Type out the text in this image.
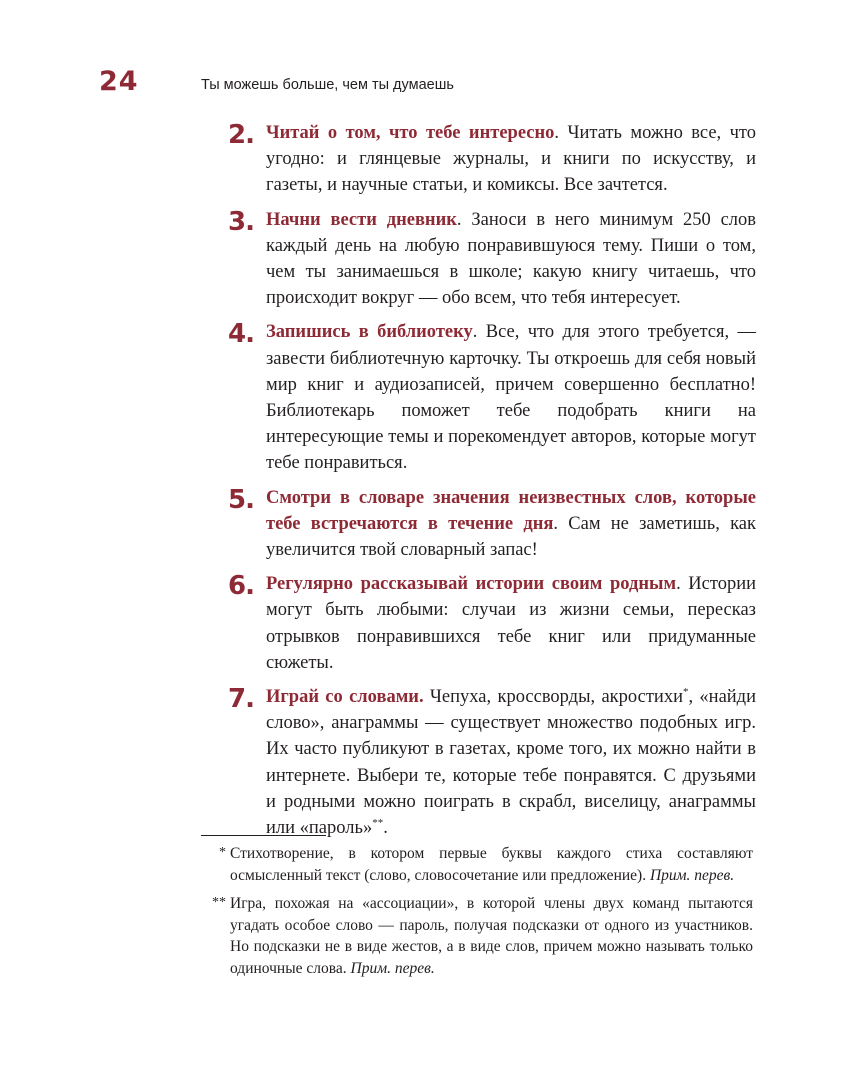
24	Ты можешь больше, чем ты думаешь
2. Читай о том, что тебе интересно. Читать можно все, что угодно: и глянцевые журналы, и книги по искусству, и газеты, и научные статьи, и комиксы. Все зачтется.
3. Начни вести дневник. Заноси в него минимум 250 слов каждый день на любую понравившуюся тему. Пиши о том, чем ты занимаешься в школе; какую книгу читаешь, что происходит вокруг — обо всем, что тебя интересует.
4. Запишись в библиотеку. Все, что для этого требуется, — завести библиотечную карточку. Ты откроешь для себя новый мир книг и аудиозаписей, причем совершенно бесплатно! Библиотекарь поможет тебе подобрать книги на интересующие темы и порекомендует авторов, которые могут тебе понравиться.
5. Смотри в словаре значения неизвестных слов, которые тебе встречаются в течение дня. Сам не заметишь, как увеличится твой словарный запас!
6. Регулярно рассказывай истории своим родным. Истории могут быть любыми: случаи из жизни семьи, пересказ отрывков понравившихся тебе книг или придуманные сюжеты.
7. Играй со словами. Чепуха, кроссворды, акростихи*, «найди слово», анаграммы — существует множество подобных игр. Их часто публикуют в газетах, кроме того, их можно найти в интернете. Выбери те, которые тебе понравятся. С друзьями и родными можно поиграть в скрабл, виселицу, анаграммы или «пароль»**.
* Стихотворение, в котором первые буквы каждого стиха составляют осмысленный текст (слово, словосочетание или предложение). Прим. перев.
** Игра, похожая на «ассоциации», в которой члены двух команд пытаются угадать особое слово — пароль, получая подсказки от одного из участников. Но подсказки не в виде жестов, а в виде слов, причем можно называть только одиночные слова. Прим. перев.
